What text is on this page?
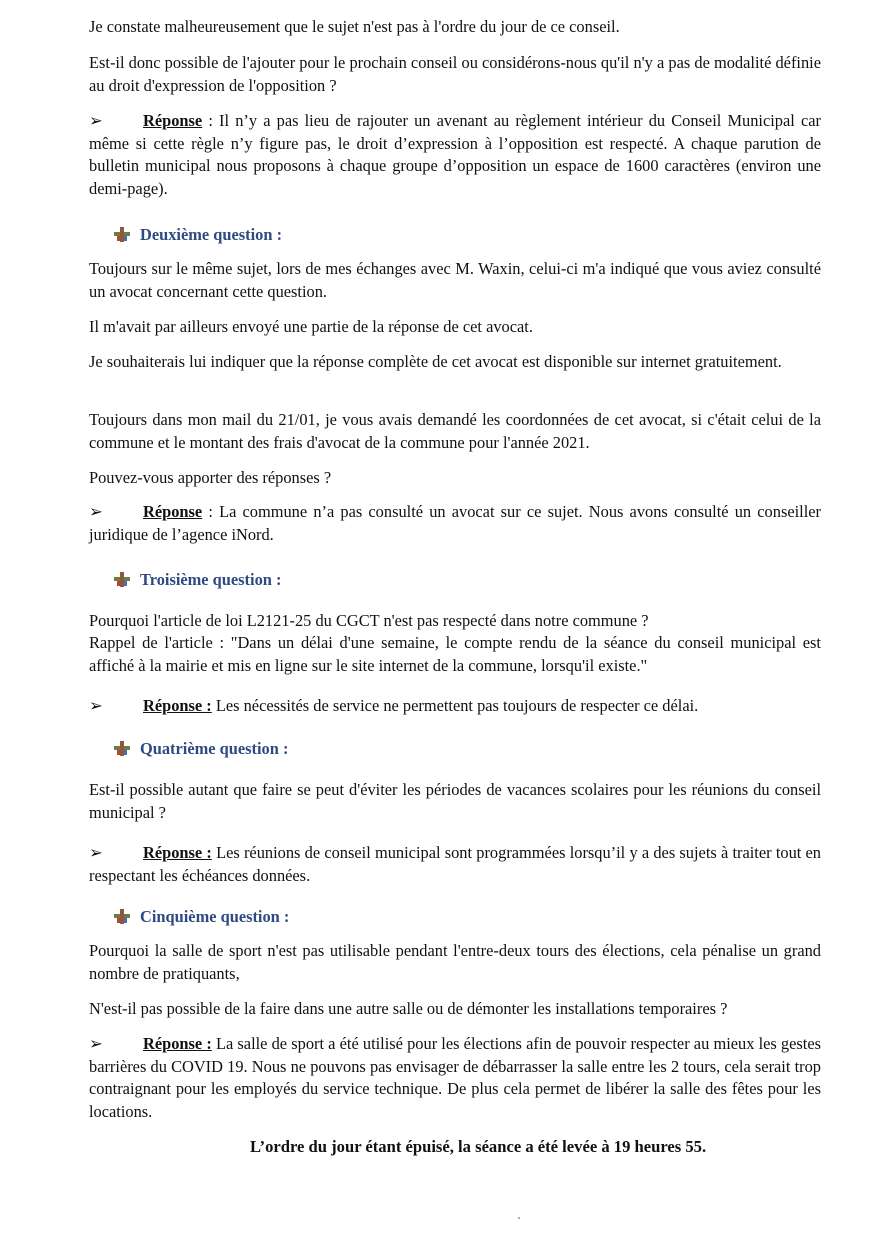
Je constate malheureusement que le sujet n'est pas à l'ordre du jour de ce conseil.

Est-il donc possible de l'ajouter pour le prochain conseil ou considérons-nous qu'il n'y a pas de modalité définie au droit d'expression de l'opposition ?

➢ Réponse : Il n’y a pas lieu de rajouter un avenant au règlement intérieur du Conseil Municipal car même si cette règle n’y figure pas, le droit d’expression à l’opposition est respecté. A chaque parution de bulletin municipal nous proposons à chaque groupe d’opposition un espace de 1600 caractères (environ une demi-page).

Deuxième question :

Toujours sur le même sujet, lors de mes échanges avec M. Waxin, celui-ci m'a indiqué que vous aviez consulté un avocat concernant cette question.

Il m'avait par ailleurs envoyé une partie de la réponse de cet avocat.

Je souhaiterais lui indiquer que la réponse complète de cet avocat est disponible sur internet gratuitement.

Toujours dans mon mail du 21/01, je vous avais demandé les coordonnées de cet avocat, si c'était celui de la commune et le montant des frais d'avocat de la commune pour l'année 2021.

Pouvez-vous apporter des réponses ?

➢ Réponse : La commune n’a pas consulté un avocat sur ce sujet. Nous avons consulté un conseiller juridique de l’agence iNord.

Troisième question :

Pourquoi l'article de loi L2121-25 du CGCT n'est pas respecté dans notre commune ?

Rappel de l'article : "Dans un délai d'une semaine, le compte rendu de la séance du conseil municipal est affiché à la mairie et mis en ligne sur le site internet de la commune, lorsqu'il existe."

➢ Réponse : Les nécessités de service ne permettent pas toujours de respecter ce délai.

Quatrième question :

Est-il possible autant que faire se peut d'éviter les périodes de vacances scolaires pour les réunions du conseil municipal ?

➢ Réponse : Les réunions de conseil municipal sont programmées lorsqu’il y a des sujets à traiter tout en respectant les échéances données.

Cinquième question :

Pourquoi la salle de sport n'est pas utilisable pendant l'entre-deux tours des élections, cela pénalise un grand nombre de pratiquants,

N'est-il pas possible de la faire dans une autre salle ou de démonter les installations temporaires ?

➢ Réponse : La salle de sport a été utilisé pour les élections afin de pouvoir respecter au mieux les gestes barrières du COVID 19. Nous ne pouvons pas envisager de débarrasser la salle entre les 2 tours, cela serait trop contraignant pour les employés du service technique. De plus cela permet de libérer la salle des fêtes pour les locations.

L’ordre du jour étant épuisé, la séance a été levée à 19 heures 55.
